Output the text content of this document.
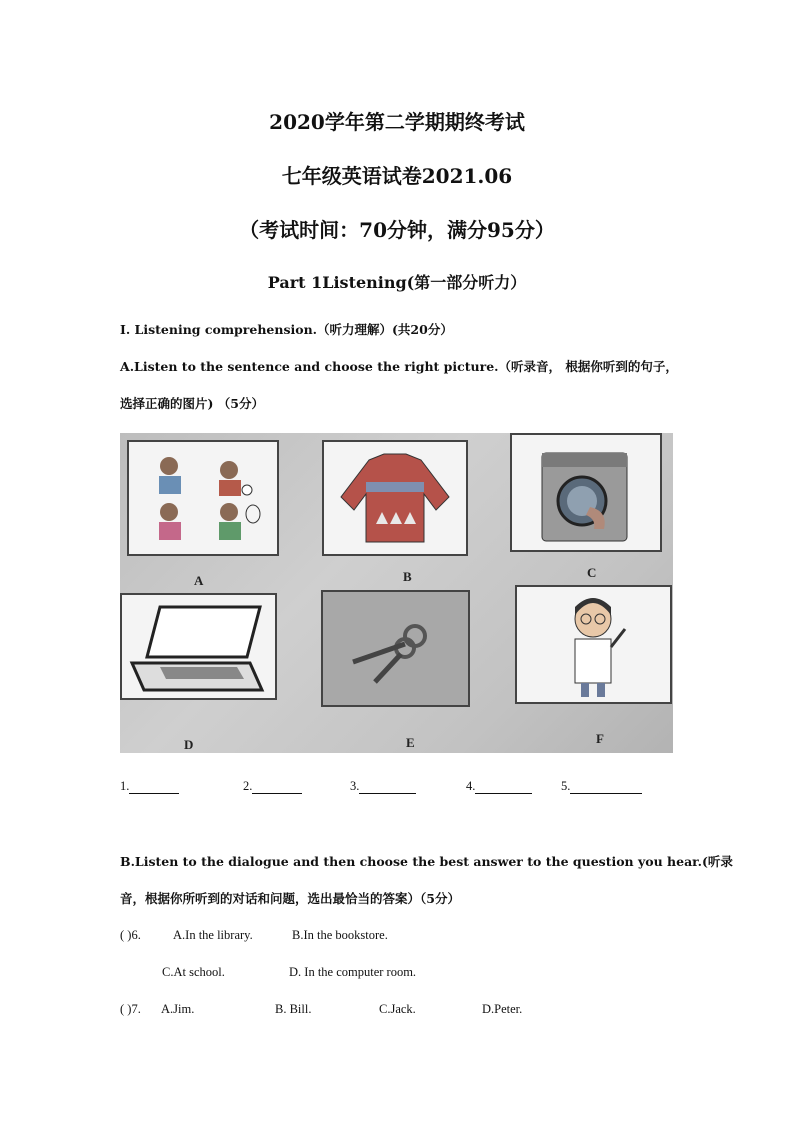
2020学年第二学期期终考试
七年级英语试卷2021.06
（考试时间：70分钟，满分95分）
Part 1Listening(第一部分听力）
I. Listening comprehension.（听力理解）(共20分）
A.Listen to the sentence and choose the right picture.（听录音， 根据你听到的句子，
选择正确的图片) （5分）
A	B	C
D	E	F
1.	2.	3.	4.	5.
B.Listen to the dialogue and then choose the best answer to the question you hear.(听录
音，根据你所听到的对话和问题，选出最恰当的答案）（5分）
( )6.	A.In the library.	B.In the bookstore.
C.At school.	D. In the computer room.
( )7. A.Jim.	B. Bill.	C.Jack.	D.Peter.
